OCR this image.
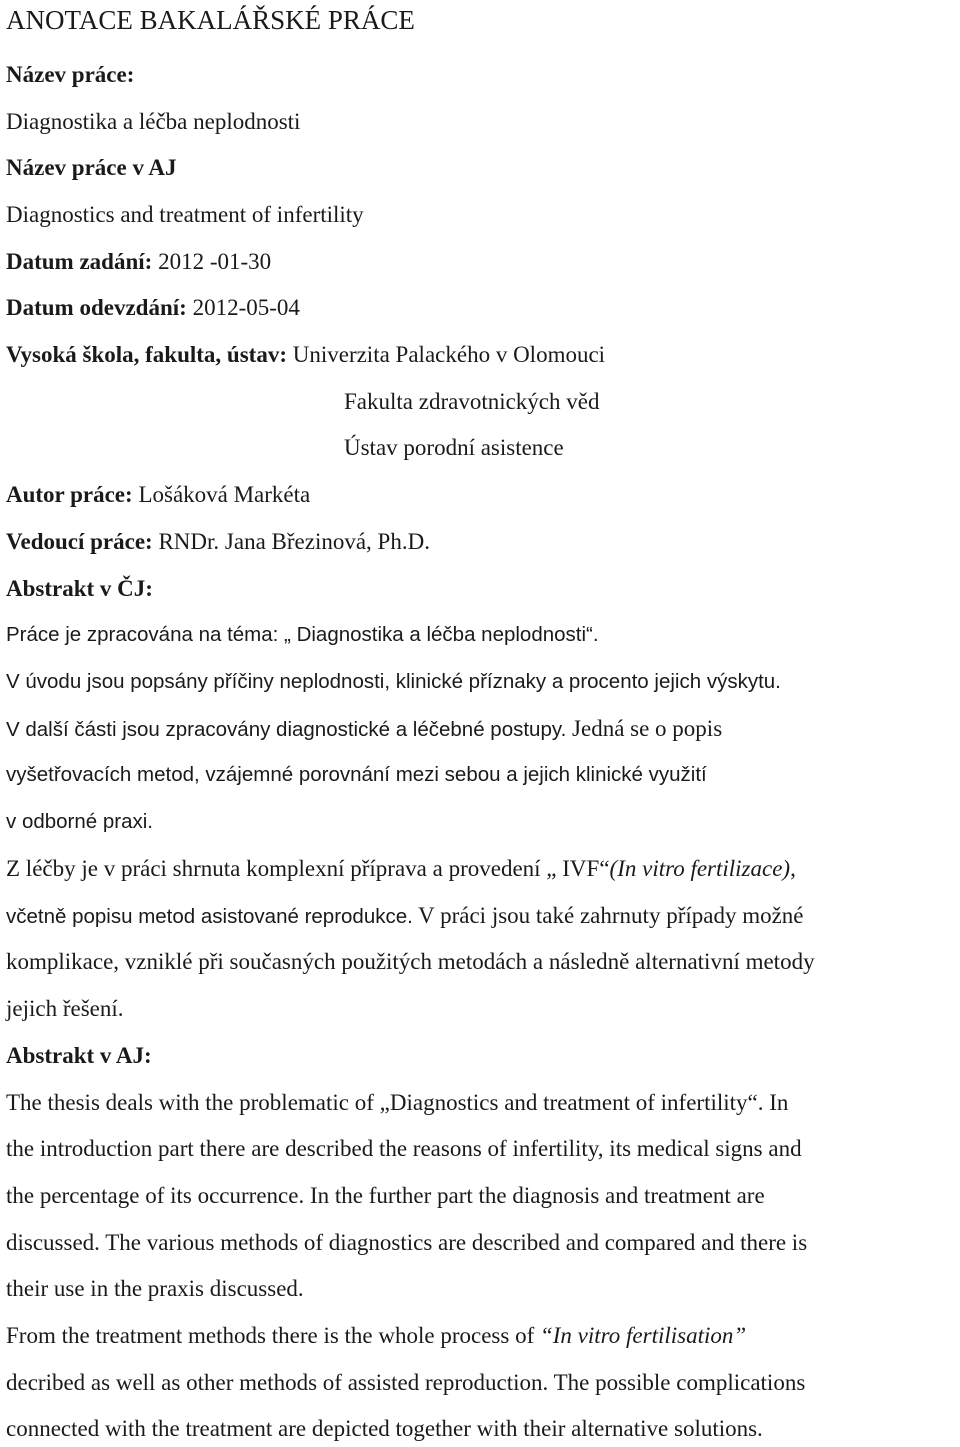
ANOTACE BAKALÁŘSKÉ PRÁCE
Název práce:
Diagnostika a léčba neplodnosti
Název práce v AJ
Diagnostics and treatment of infertility
Datum zadání: 2012 -01-30
Datum odevzdání: 2012-05-04
Vysoká škola, fakulta, ústav: Univerzita Palackého v Olomouci
Fakulta zdravotnických věd
Ústav porodní asistence
Autor práce: Lošáková Markéta
Vedoucí práce: RNDr. Jana Březinová, Ph.D.
Abstrakt v ČJ:
Práce je zpracována na téma: „ Diagnostika a léčba neplodnosti“.
V úvodu jsou popsány příčiny neplodnosti, klinické příznaky a procento jejich výskytu.
V další části jsou zpracovány diagnostické a léčebné postupy. Jedná se o popis
vyšetřovacích metod, vzájemné porovnání mezi sebou a jejich klinické využití
v odborné praxi.
Z léčby je v práci shrnuta komplexní příprava a provedení „ IVF“(In vitro fertilizace),
včetně popisu metod asistované reprodukce. V práci jsou také zahrnuty případy možné
komplikace, vzniklé při současných použitých metodách a následně alternativní metody
jejich řešení.
Abstrakt v AJ:
The thesis deals with the problematic of „Diagnostics and treatment of infertility“. In
the introduction part there are described the reasons of infertility, its medical signs and
the percentage of its occurrence. In the further part the diagnosis and treatment are
discussed. The various methods of diagnostics are described and compared and there is
their use in the praxis discussed.
From the treatment methods there is the whole process of “In vitro fertilisation”
decribed as well as other methods of assisted reproduction. The possible complications
connected with the treatment are depicted together with their alternative solutions.
